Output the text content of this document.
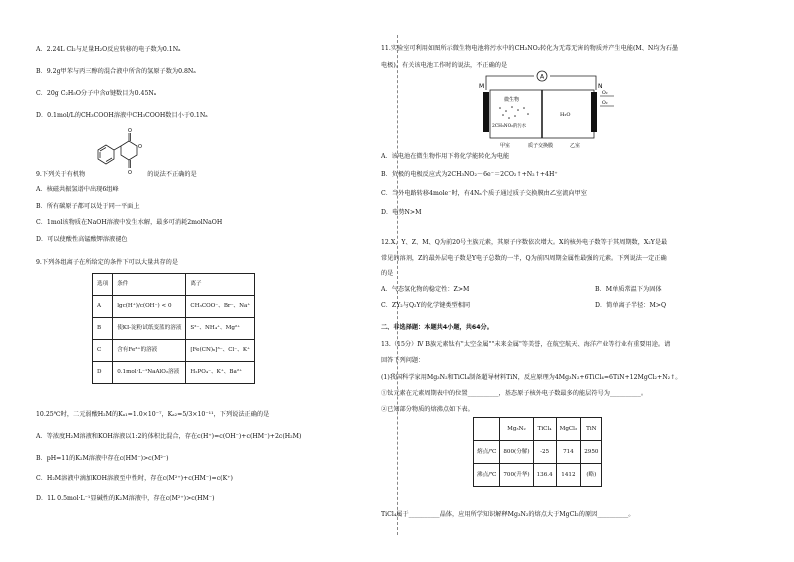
A．2.24L Cl₂与足量H₂O反应转移的电子数为0.1Nₐ
B．9.2g甲苯与丙三醇的混合液中所含的氢原子数为0.8Nₐ
C．20g C₂H₅O分子中含σ键数目为0.45Nₐ
D．0.1mol/L的CH₃COOH溶液中CH₃COOH数目小于0.1Nₐ
O
O
O
9.下列关于有机物	的说法不正确的是
A．核磁共振氢谱中出现6组峰
B．所有碳原子都可以处于同一平面上
C．1mol该物质在NaOH溶液中发生水解，最多可消耗2molNaOH
D．可以使酸性高锰酸钾溶液褪色
9.下列各组离子在所给定的条件下可以大量共存的是
选项	条件	离子
A	lgc(H⁺)/c(OH⁻) < 0	CH₃COO⁻、Br⁻、Na⁺
B	使KI-淀粉试纸变蓝的溶液	S²⁻、NH₄⁺、Mg²⁺
C	含有Fe³⁺的溶液	[Fe(CN)₆]³⁻、Cl⁻、K⁺
D	0.1mol·L⁻¹NaAlO₂溶液	H₂PO₄⁻、K⁺、Ba²⁺
10.25℃时，二元弱酸H₂M的Kₐ₁=1.0×10⁻⁷，Kₐ₂=5/3×10⁻¹¹，下列说法正确的是
A．等浓度H₂M溶液和KOH溶液以1:2的体积比混合，存在c(H⁺)=c(OH⁻)+c(HM⁻)+2c(H₂M)
B．pH=11的K₂M溶液中存在c(HM⁻)>c(M²⁻)
C．H₂M溶液中滴加KOH溶液至中性时，存在c(M²⁺)+c(HM⁻)=c(K⁺)
D．1L 0.5mol·L⁻¹显碱性的K₂M溶液中，存在c(M²⁺)>c(HM⁻)
11.实验室可利用如图所示微生物电池将污水中的CH₃NO₂转化为无毒无害的物质并产生电能(M、N均为石墨
电极)。有关该电池工作时的说法，不正确的是
A
M	N
微生物
2CH₃NO₂的污水
H₂O
O₂
O₂
甲室	质子交换膜	乙室
A．该电池在微生物作用下将化学能转化为电能
B．负极的电极反应式为2CH₃NO₂－6e⁻＝2CO₂↑+N₂↑+4H⁺
C．当外电路转移4mole⁻时，有4Nₐ个质子通过质子交换膜由乙室流向甲室
D．电势N>M
12.X、Y、Z、M、Q为前20号主族元素，其原子序数依次增大。X的核外电子数等于其周期数，X₂Y是最
常见的溶剂，Z的最外层电子数是Y电子总数的一半，Q为前四周期金属性最强的元素。下列说法一定正确
的是
A．气态氢化物的稳定性：Z>M	B．M单质常温下为固体
C．ZY₂与Q₂Y的化学键类型相同	D．简单离子半径：M>Q
二、非选择题：本题共4小题，共64分。
13.（15分）Ⅳ B族元素钛有"太空金属""未来金属"等美誉，在航空航天、海洋产业等行业有重要用途。请
回答下列问题：
(1)我国科学家用Mg₃N₂和TiCl₄制备超导材料TiN，反应原理为4Mg₃N₂+6TiCl₄=6TiN+12MgCl₂+N₂↑。
①钛元素在元素周期表中的位置__________，基态原子核外电子数最多的能层符号为__________。
②已知部分物质的熔沸点如下表。
	Mg₃N₂	TiCl₄	MgCl₂	TiN
熔点/℃	800(分解)	-25	714	2950
沸点/℃	700(升华)	136.4	1412	(略)
TiCl₄属于__________晶体，应用所学知识解释Mg₃N₂的熔点大于MgCl₂的原因__________。
